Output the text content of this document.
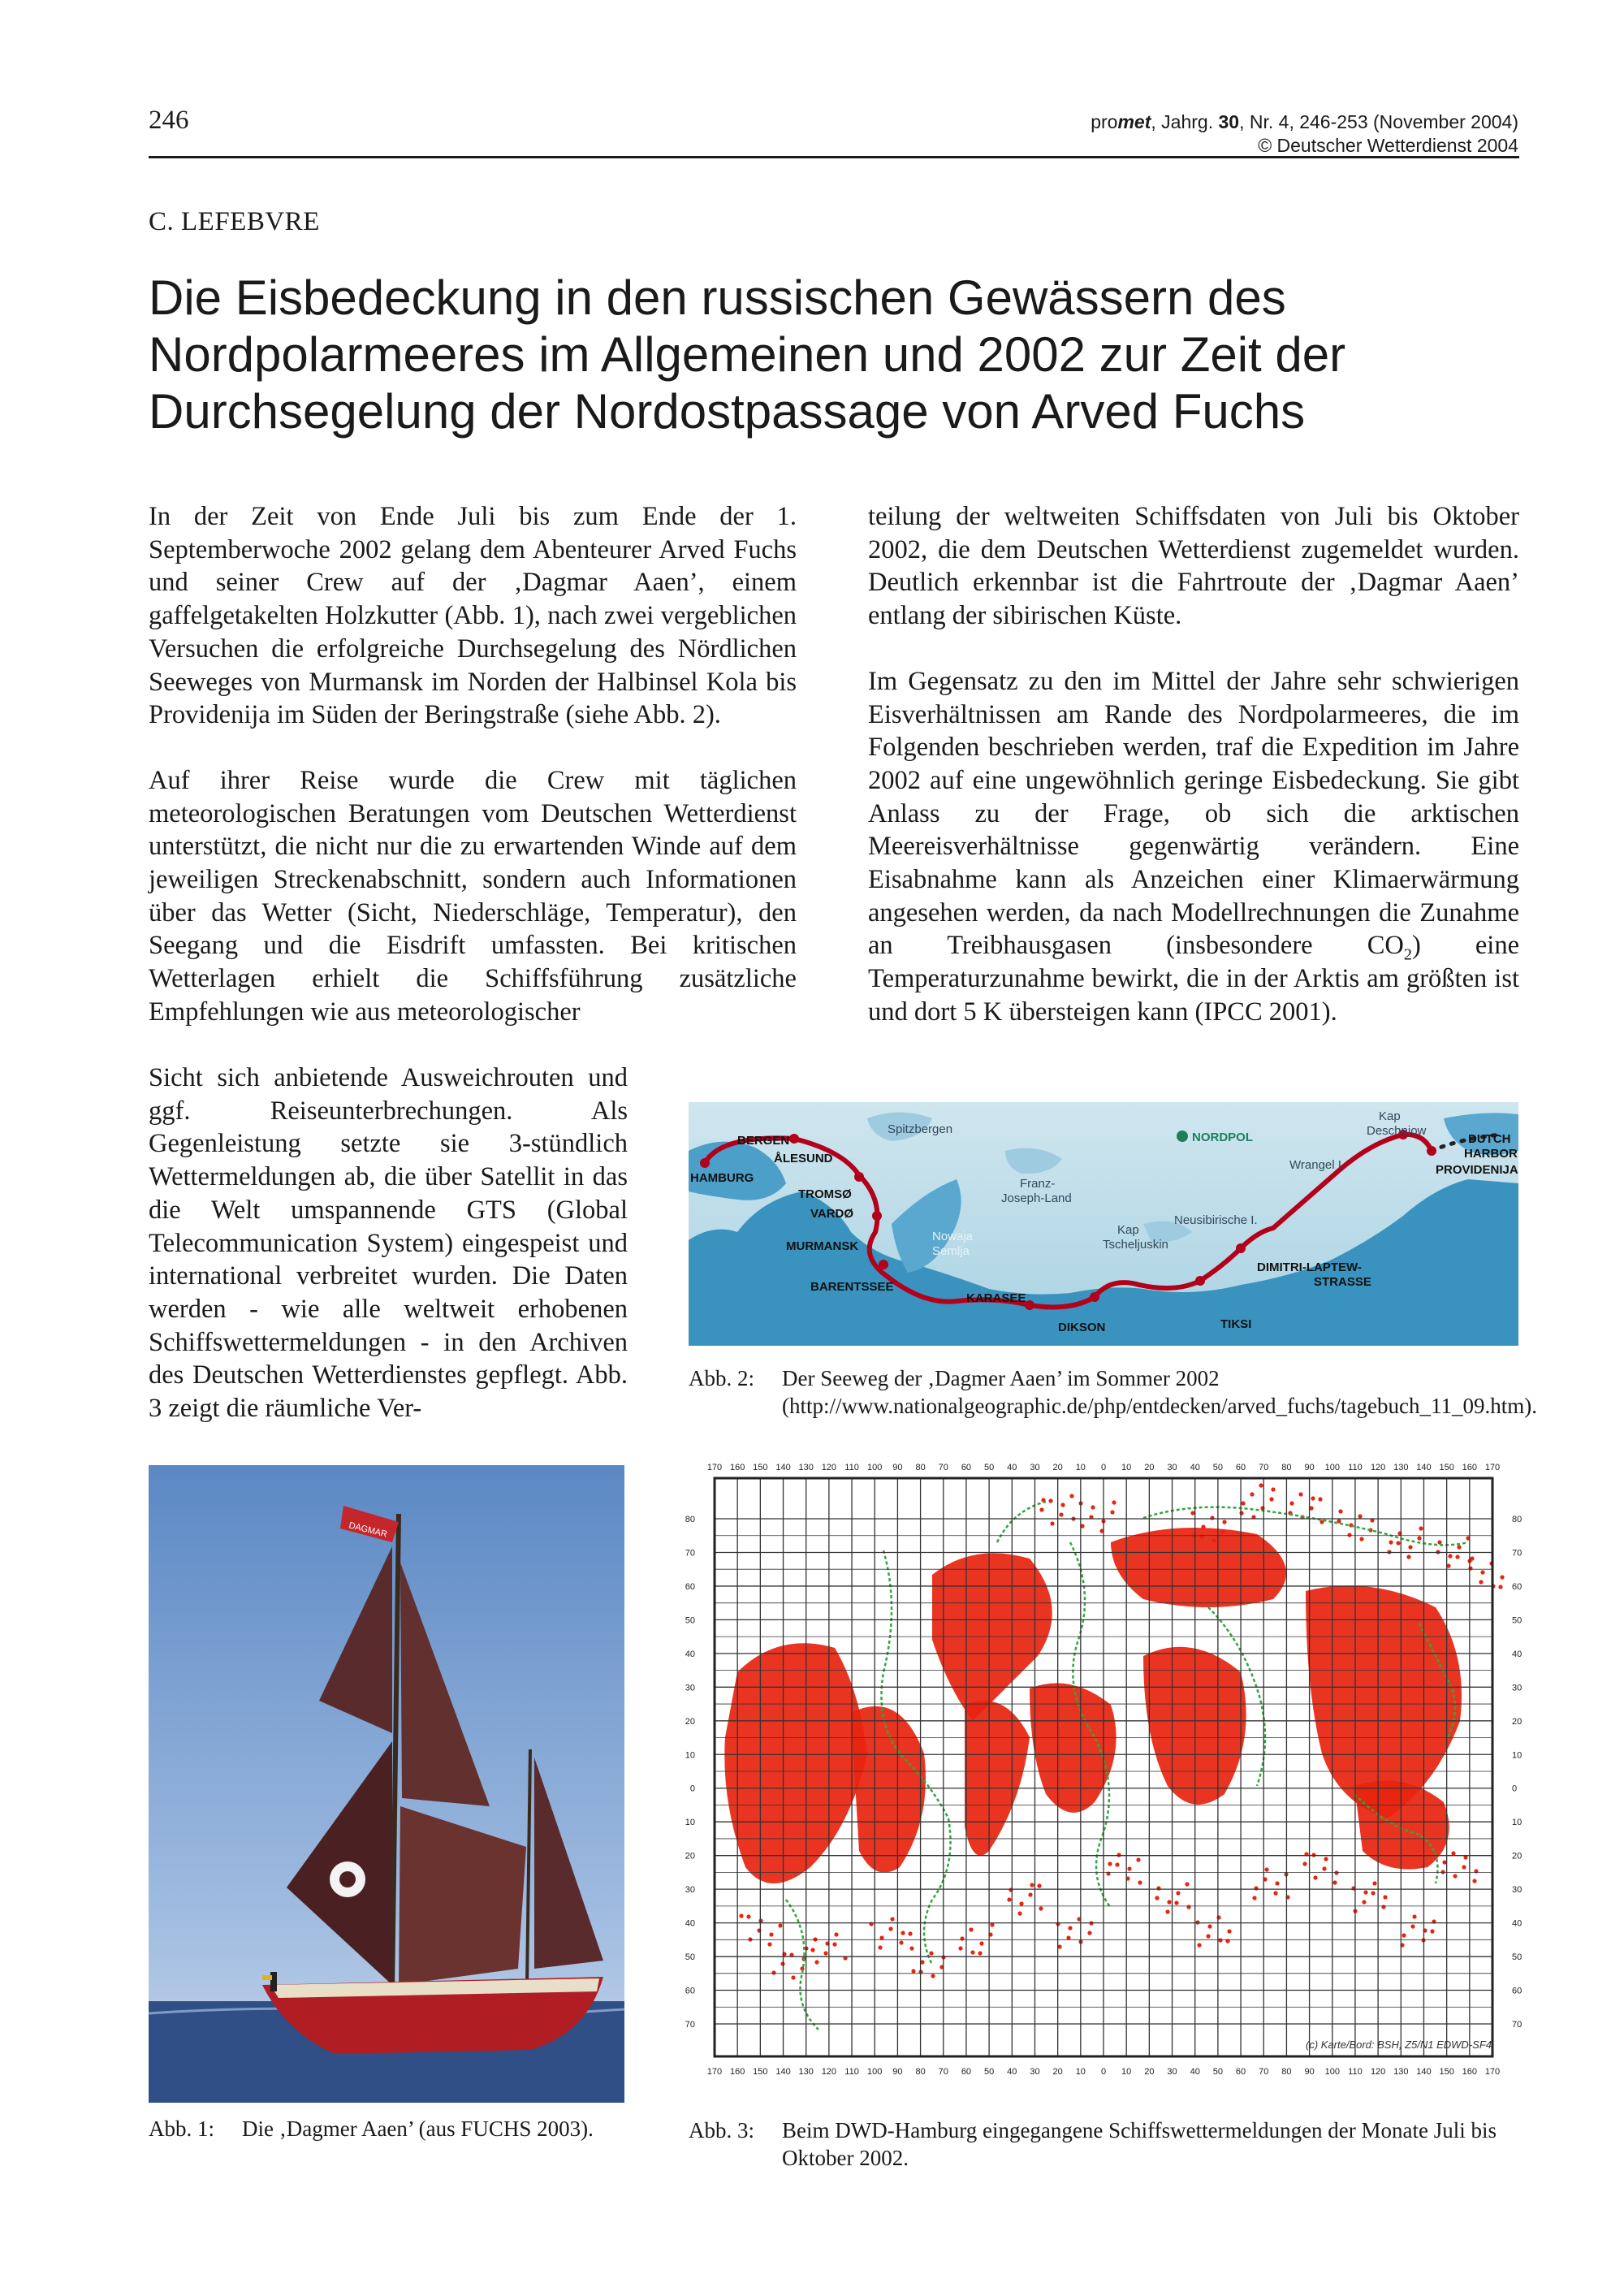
246	promet, Jahrg. 30, Nr. 4, 246-253 (November 2004)
© Deutscher Wetterdienst 2004
C. LEFEBVRE
Die Eisbedeckung in den russischen Gewässern des Nordpolarmeeres im Allgemeinen und 2002 zur Zeit der Durchsegelung der Nordostpassage von Arved Fuchs

In der Zeit von Ende Juli bis zum Ende der 1. Septemberwoche 2002 gelang dem Abenteurer Arved Fuchs und seiner Crew auf der ‚Dagmar Aaen’, einem gaffelgetakelten Holzkutter (Abb. 1), nach zwei vergeblichen Versuchen die erfolgreiche Durchsegelung des Nördlichen Seeweges von Murmansk im Norden der Halbinsel Kola bis Providenija im Süden der Beringstraße (siehe Abb. 2).

Auf ihrer Reise wurde die Crew mit täglichen meteorologischen Beratungen vom Deutschen Wetterdienst unterstützt, die nicht nur die zu erwartenden Winde auf dem jeweiligen Streckenabschnitt, sondern auch Informationen über das Wetter (Sicht, Niederschläge, Temperatur), den Seegang und die Eisdrift umfassten. Bei kritischen Wetterlagen erhielt die Schiffsführung zusätzliche Empfehlungen wie aus meteorologischer

Sicht sich anbietende Ausweichrouten und ggf. Reiseunterbrechungen. Als Gegenleistung setzte sie 3-stündlich Wettermeldungen ab, die über Satellit in das die Welt umspannende GTS (Global Telecommunication System) eingespeist und international verbreitet wurden. Die Daten werden - wie alle weltweit erhobenen Schiffswettermeldungen - in den Archiven des Deutschen Wetterdienstes gepflegt. Abb. 3 zeigt die räumliche Ver-

teilung der weltweiten Schiffsdaten von Juli bis Oktober 2002, die dem Deutschen Wetterdienst zugemeldet wurden. Deutlich erkennbar ist die Fahrtroute der ‚Dagmar Aaen’ entlang der sibirischen Küste.

Im Gegensatz zu den im Mittel der Jahre sehr schwierigen Eisverhältnissen am Rande des Nordpolarmeeres, die im Folgenden beschrieben werden, traf die Expedition im Jahre 2002 auf eine ungewöhnlich geringe Eisbedeckung. Sie gibt Anlass zu der Frage, ob sich die arktischen Meereisverhältnisse gegenwärtig verändern. Eine Eisabnahme kann als Anzeichen einer Klimaerwärmung angesehen werden, da nach Modellrechnungen die Zunahme an Treibhausgasen (insbesondere $CO_2$) eine Temperaturzunahme bewirkt, die in der Arktis am größten ist und dort 5 K übersteigen kann (IPCC 2001).

Spitzbergen
NORDPOL
Kap
Deschnjow
Wrangel I.
Franz-
Joseph-Land
Neusibirische I.
Nowaja
Semlja
Kap
Tscheljuskin
BERGEN
ÅLESUND
HAMBURG
TROMSØ
VARDØ
MURMANSK
BARENTSSEE
KARASEE
DIKSON	TIKSI
DIMITRI-LAPTEW-
STRASSE
PROVIDENIJA
DUTCH
HARBOR
Abb. 2: Der Seeweg der ‚Dagmer Aaen’ im Sommer 2002 (http://www.nationalgeographic.de/php/entdecken/arved_fuchs/tagebuch_11_09.htm).
DAGMAR
Abb. 1: Die ‚Dagmer Aaen’ (aus FUCHS 2003).
170 160 150 140 130 120 110 100 90 80 70 60 50 40 30 20 10 0 10 20 30 40 50 60 70 80 90 100 110 120 130 140 150 160 170
170 160 150 140 130 120 110 100 90 80 70 60 50 40 30 20 10 0 10 20 30 40 50 60 70 80 90 100 110 120 130 140 150 160 170
80
70
60
50
40
30
20
10
0
10
20
30
40
50
60
70
80
70
60
50
40
30
20
10
0
10
20
30
40
50
60
70
(c) Karte/Bord: BSH, Z5/N1 EDWD-SF4
Abb. 3: Beim DWD-Hamburg eingegangene Schiffswettermeldungen der Monate Juli bis Oktober 2002.
